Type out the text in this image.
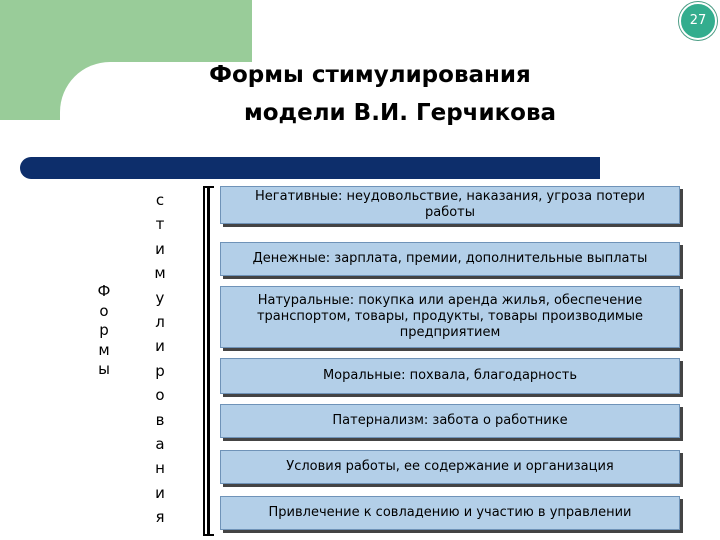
27
Формы стимулирования
модели В.И. Герчикова
Ф
о
р
м
ы
с
т
и
м
у
л
и
р
о
в
а
н
и
я
Негативные: неудовольствие, наказания, угроза потери работы
Денежные: зарплата, премии, дополнительные выплаты
Натуральные: покупка или аренда жилья, обеспечение транспортом, товары, продукты, товары производимые предприятием
Моральные: похвала, благодарность
Патернализм: забота о работнике
Условия работы, ее содержание и организация
Привлечение к совладению и участию в управлении
